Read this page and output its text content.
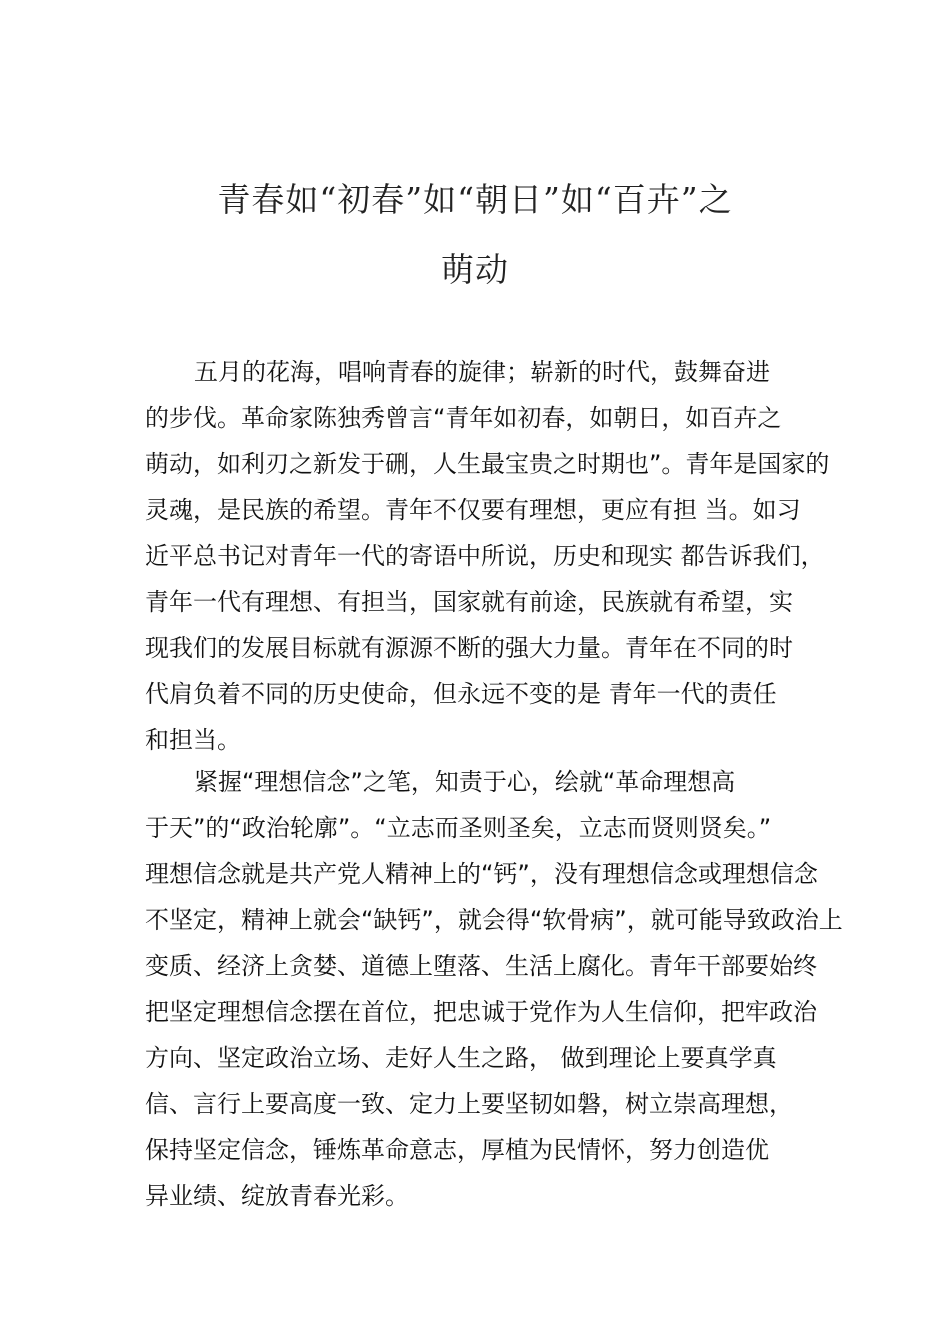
青春如“初春”如“朝日”如“百卉”之
萌动

五月的花海，唱响青春的旋律；崭新的时代，鼓舞奋进

的步伐。革命家陈独秀曾言“青年如初春，如朝日，如百卉之

萌动，如利刃之新发于硎，人生最宝贵之时期也”。青年是国家的

灵魂，是民族的希望。青年不仅要有理想，更应有担 当。如习

近平总书记对青年一代的寄语中所说，历史和现实 都告诉我们，

青年一代有理想、有担当，国家就有前途，民族就有希望，实

现我们的发展目标就有源源不断的强大力量。青年在不同的时

代肩负着不同的历史使命，但永远不变的是 青年一代的责任

和担当。

紧握“理想信念”之笔，知责于心，绘就“革命理想高

于天”的“政治轮廓”。“立志而圣则圣矣，立志而贤则贤矣。”

理想信念就是共产党人精神上的“钙”，没有理想信念或理想信念

不坚定，精神上就会“缺钙”，就会得“软骨病”，就可能导致政治上

变质、经济上贪婪、道德上堕落、生活上腐化。青年干部要始终

把坚定理想信念摆在首位，把忠诚于党作为人生信仰，把牢政治

方向、坚定政治立场、走好人生之路， 做到理论上要真学真

信、言行上要高度一致、定力上要坚韧如磐，树立崇高理想，

保持坚定信念，锤炼革命意志，厚植为民情怀，努力创造优

异业绩、绽放青春光彩。
